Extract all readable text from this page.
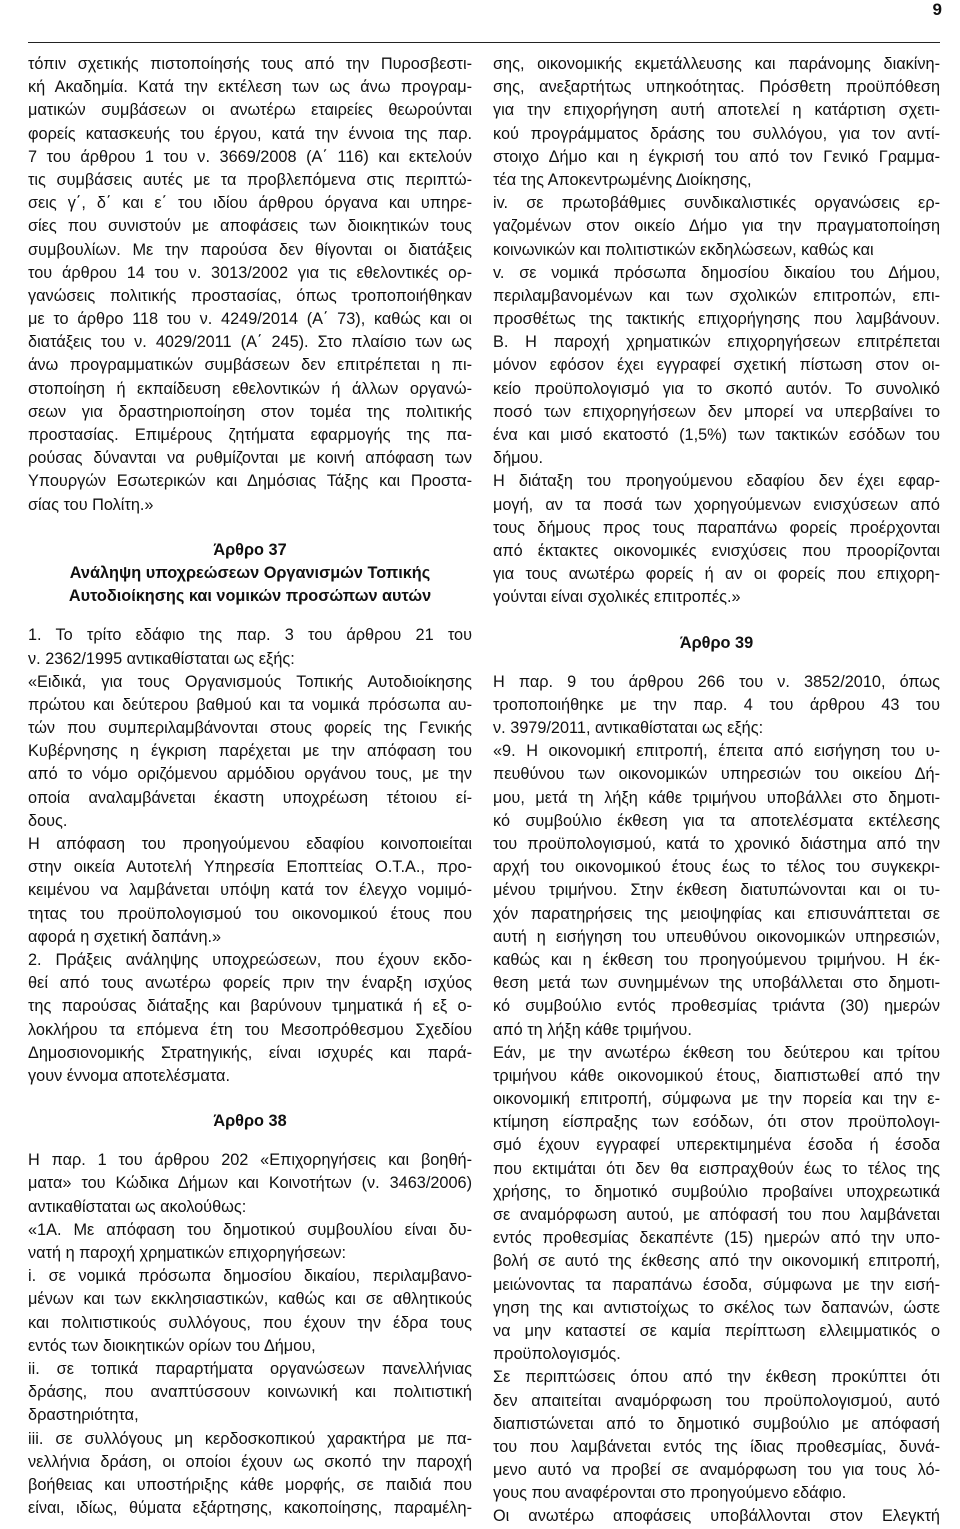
9
τόπιν σχετικής πιστοποίησής τους από την Πυροσβεστι-
κή Ακαδημία. Κατά την εκτέλεση των ως άνω προγραμ-
ματικών συμβάσεων οι ανωτέρω εταιρείες θεωρούνται
φορείς κατασκευής του έργου, κατά την έννοια της παρ.
7 του άρθρου 1 του ν. 3669/2008 (Α΄ 116) και εκτελούν
τις συμβάσεις αυτές με τα προβλεπόμενα στις περιπτώ-
σεις γ΄, δ΄ και ε΄ του ιδίου άρθρου όργανα και υπηρε-
σίες που συνιστούν με αποφάσεις των διοικητικών τους
συμβουλίων. Με την παρούσα δεν θίγονται οι διατάξεις
του άρθρου 14 του ν. 3013/2002 για τις εθελοντικές ορ-
γανώσεις πολιτικής προστασίας, όπως τροποποιήθηκαν
με το άρθρο 118 του ν. 4249/2014 (Α΄ 73), καθώς και οι
διατάξεις του ν. 4029/2011 (Α΄ 245). Στο πλαίσιο των ως
άνω προγραμματικών συμβάσεων δεν επιτρέπεται η πι-
στοποίηση ή εκπαίδευση εθελοντικών ή άλλων οργανώ-
σεων για δραστηριοποίηση στον τομέα της πολιτικής
προστασίας. Επιμέρους ζητήματα εφαρμογής της πα-
ρούσας δύνανται να ρυθμίζονται με κοινή απόφαση των
Υπουργών Εσωτερικών και Δημόσιας Τάξης και Προστα-
σίας του Πολίτη.»
Άρθρο 37
Ανάληψη υποχρεώσεων Οργανισμών Τοπικής
Αυτοδιοίκησης και νομικών προσώπων αυτών
1. Το τρίτο εδάφιο της παρ. 3 του άρθρου 21 του
ν. 2362/1995 αντικαθίσταται ως εξής:
«Ειδικά, για τους Οργανισμούς Τοπικής Αυτοδιοίκησης
πρώτου και δεύτερου βαθμού και τα νομικά πρόσωπα αυ-
τών που συμπεριλαμβάνονται στους φορείς της Γενικής
Κυβέρνησης η έγκριση παρέχεται με την απόφαση του
από το νόμο οριζόμενου αρμόδιου οργάνου τους, με την
οποία αναλαμβάνεται έκαστη υποχρέωση τέτοιου εί-
δους.
Η απόφαση του προηγούμενου εδαφίου κοινοποιείται
στην οικεία Αυτοτελή Υπηρεσία Εποπτείας Ο.Τ.Α., προ-
κειμένου να λαμβάνεται υπόψη κατά τον έλεγχο νομιμό-
τητας του προϋπολογισμού του οικονομικού έτους που
αφορά η σχετική δαπάνη.»
2. Πράξεις ανάληψης υποχρεώσεων, που έχουν εκδο-
θεί από τους ανωτέρω φορείς πριν την έναρξη ισχύος
της παρούσας διάταξης και βαρύνουν τμηματικά ή εξ ο-
λοκλήρου τα επόμενα έτη του Μεσοπρόθεσμου Σχεδίου
Δημοσιονομικής Στρατηγικής, είναι ισχυρές και παρά-
γουν έννομα αποτελέσματα.
Άρθρο 38
Η παρ. 1 του άρθρου 202 «Επιχορηγήσεις και βοηθή-
ματα» του Κώδικα Δήμων και Κοινοτήτων (ν. 3463/2006)
αντικαθίσταται ως ακολούθως:
«1Α. Με απόφαση του δημοτικού συμβουλίου είναι δυ-
νατή η παροχή χρηματικών επιχορηγήσεων:
i. σε νομικά πρόσωπα δημοσίου δικαίου, περιλαμβανο-
μένων και των εκκλησιαστικών, καθώς και σε αθλητικούς
και πολιτιστικούς συλλόγους, που έχουν την έδρα τους
εντός των διοικητικών ορίων του Δήμου,
ii. σε τοπικά παραρτήματα οργανώσεων πανελλήνιας
δράσης, που αναπτύσσουν κοινωνική και πολιτιστική
δραστηριότητα,
iii. σε συλλόγους μη κερδοσκοπικού χαρακτήρα με πα-
νελλήνια δράση, οι οποίοι έχουν ως σκοπό την παροχή
βοήθειας και υποστήριξης κάθε μορφής, σε παιδιά που
είναι, ιδίως, θύματα εξάρτησης, κακοποίησης, παραμέλη-
σης, οικονομικής εκμετάλλευσης και παράνομης διακίνη-
σης, ανεξαρτήτως υπηκοότητας. Πρόσθετη προϋπόθεση
για την επιχορήγηση αυτή αποτελεί η κατάρτιση σχετι-
κού προγράμματος δράσης του συλλόγου, για τον αντί-
στοιχο Δήμο και η έγκρισή του από τον Γενικό Γραμμα-
τέα της Αποκεντρωμένης Διοίκησης,
iv. σε πρωτοβάθμιες συνδικαλιστικές οργανώσεις ερ-
γαζομένων στον οικείο Δήμο για την πραγματοποίηση
κοινωνικών και πολιτιστικών εκδηλώσεων, καθώς και
v. σε νομικά πρόσωπα δημοσίου δικαίου του Δήμου,
περιλαμβανομένων και των σχολικών επιτροπών, επι-
προσθέτως της τακτικής επιχορήγησης που λαμβάνουν.
Β. Η παροχή χρηματικών επιχορηγήσεων επιτρέπεται
μόνον εφόσον έχει εγγραφεί σχετική πίστωση στον οι-
κείο προϋπολογισμό για το σκοπό αυτόν. Το συνολικό
ποσό των επιχορηγήσεων δεν μπορεί να υπερβαίνει το
ένα και μισό εκατοστό (1,5%) των τακτικών εσόδων του
δήμου.
Η διάταξη του προηγούμενου εδαφίου δεν έχει εφαρ-
μογή, αν τα ποσά των χορηγούμενων ενισχύσεων από
τους δήμους προς τους παραπάνω φορείς προέρχονται
από έκτακτες οικονομικές ενισχύσεις που προορίζονται
για τους ανωτέρω φορείς ή αν οι φορείς που επιχορη-
γούνται είναι σχολικές επιτροπές.»
Άρθρο 39
Η παρ. 9 του άρθρου 266 του ν. 3852/2010, όπως
τροποποιήθηκε με την παρ. 4 του άρθρου 43 του
ν. 3979/2011, αντικαθίσταται ως εξής:
«9. Η οικονομική επιτροπή, έπειτα από εισήγηση του υ-
πευθύνου των οικονομικών υπηρεσιών του οικείου Δή-
μου, μετά τη λήξη κάθε τριμήνου υποβάλλει στο δημοτι-
κό συμβούλιο έκθεση για τα αποτελέσματα εκτέλεσης
του προϋπολογισμού, κατά το χρονικό διάστημα από την
αρχή του οικονομικού έτους έως το τέλος του συγκεκρι-
μένου τριμήνου. Στην έκθεση διατυπώνονται και οι τυ-
χόν παρατηρήσεις της μειοψηφίας και επισυνάπτεται σε
αυτή η εισήγηση του υπευθύνου οικονομικών υπηρεσιών,
καθώς και η έκθεση του προηγούμενου τριμήνου. Η έκ-
θεση μετά των συνημμένων της υποβάλλεται στο δημοτι-
κό συμβούλιο εντός προθεσμίας τριάντα (30) ημερών
από τη λήξη κάθε τριμήνου.
Εάν, με την ανωτέρω έκθεση του δεύτερου και τρίτου
τριμήνου κάθε οικονομικού έτους, διαπιστωθεί από την
οικονομική επιτροπή, σύμφωνα με την πορεία και την ε-
κτίμηση είσπραξης των εσόδων, ότι στον προϋπολογι-
σμό έχουν εγγραφεί υπερεκτιμημένα έσοδα ή έσοδα
που εκτιμάται ότι δεν θα εισπραχθούν έως το τέλος της
χρήσης, το δημοτικό συμβούλιο προβαίνει υποχρεωτικά
σε αναμόρφωση αυτού, με απόφασή του που λαμβάνεται
εντός προθεσμίας δεκαπέντε (15) ημερών από την υπο-
βολή σε αυτό της έκθεσης από την οικονομική επιτροπή,
μειώνοντας τα παραπάνω έσοδα, σύμφωνα με την εισή-
γηση της και αντιστοίχως το σκέλος των δαπανών, ώστε
να μην καταστεί σε καμία περίπτωση ελλειμματικός ο
προϋπολογισμός.
Σε περιπτώσεις όπου από την έκθεση προκύπτει ότι
δεν απαιτείται αναμόρφωση του προϋπολογισμού, αυτό
διαπιστώνεται από το δημοτικό συμβούλιο με απόφασή
του που λαμβάνεται εντός της ίδιας προθεσμίας, δυνά-
μενο αυτό να προβεί σε αναμόρφωση του για τους λό-
γους που αναφέρονται στο προηγούμενο εδάφιο.
Οι ανωτέρω αποφάσεις υποβάλλονται στον Ελεγκτή
